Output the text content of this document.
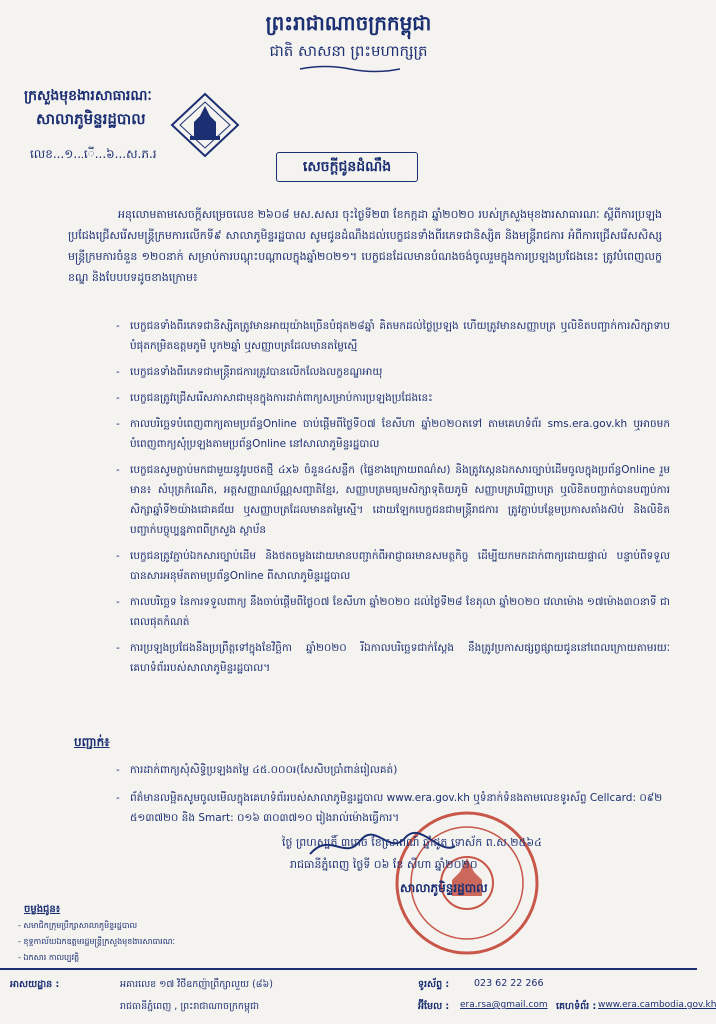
ព្រះរាជាណាចក្រកម្ពុជា
ជាតិ សាសនា ព្រះមហាក្សត្រ
ក្រសួងមុខងារសាធារណៈ
សាលាភូមិន្ទរដ្ឋបាល
លេខ...១...ើ...៦...ស.ភ.រ
សេចក្តីជូនដំណឹង
អនុលោមតាមសេចក្តីសម្រេចលេខ ២៦០៨ មស.សសរ ចុះថ្ងៃទី២៣ ខែកក្កដា ឆ្នាំ២០២០ របស់ក្រសួងមុខងារសាធារណៈ ស្តីពីការប្រឡងប្រជែងជ្រើសរើសមន្ត្រីក្រមការលើកទី៩ សាលាភូមិន្ទរដ្ឋបាល សូមជូនដំណឹងដល់បេក្ខជនទាំងពីរភេទជានិស្សិត និងមន្ត្រីរាជការ អំពីការជ្រើសរើសសិស្សមន្ត្រីក្រមការចំនួន ១២០នាក់ សម្រាប់ការបណ្តុះបណ្តាលក្នុងឆ្នាំ២០២១។ បេក្ខជនដែលមានបំណងចង់ចូលរួមក្នុងការប្រឡងប្រជែងនេះ ត្រូវបំពេញលក្ខខណ្ឌ និងបែបបទដូចខាងក្រោម៖
- បេក្ខជនទាំងពីរភេទជានិស្សិតត្រូវមានអាយុយ៉ាងច្រើនបំផុត២៨ឆ្នាំ គិតមកដល់ថ្ងៃប្រឡង ហើយត្រូវមានសញ្ញាបត្រ ឬលិខិតបញ្ជាក់ការសិក្សាទាបបំផុតកម្រិតឧត្តមភូមិ បូក២ឆ្នាំ ឬសញ្ញាបត្រដែលមានតម្លៃស្មើ
- បេក្ខជនទាំងពីរភេទជាមន្ត្រីរាជការត្រូវបានលើកលែងលក្ខខណ្ឌអាយុ
- បេក្ខជនត្រូវជ្រើសរើសភាសាជាមុនក្នុងការដាក់ពាក្យសម្រាប់ការប្រឡងប្រជែងនេះ
- កាលបរិច្ឆេទបំពេញពាក្យតាមប្រព័ន្ធOnline ចាប់ផ្តើមពីថ្ងៃទី០៧ ខែសីហា ឆ្នាំ២០២០តទៅ តាមគេហទំព័រ sms.era.gov.kh ឬអាចមកបំពេញពាក្យសុំប្រឡងតាមប្រព័ន្ធOnline នៅសាលាភូមិន្ទរដ្ឋបាល
- បេក្ខជនសូមភ្ជាប់មកជាមួយនូវរូបថតថ្មី ៤x៦ ចំនួន៤សន្លឹក (ផ្ទៃខាងក្រោយពណ៌ស) និងត្រូវស្កេនឯកសារច្បាប់ដើមចូលក្នុងប្រព័ន្ធOnline រួមមាន៖ សំបុត្រកំណើត, អត្តសញ្ញាណប័ណ្ណសញ្ជាតិខ្មែរ, សញ្ញាបត្រមធ្យមសិក្សាទុតិយភូមិ សញ្ញាបត្របរិញ្ញាបត្រ ឬលិខិតបញ្ជាក់បានបញ្ចប់ការសិក្សាឆ្នាំទី២យ៉ាងជោគជ័យ ឬសញ្ញាបត្រដែលមានតម្លៃស្មើ។ ដោយឡែកបេក្ខជនជាមន្ត្រីរាជការ ត្រូវភ្ជាប់បន្ថែមប្រកាសតាំងស៊ប់ និងលិខិតបញ្ជាក់បច្ចុប្បន្នភាពពីក្រសួង ស្ថាប័ន
- បេក្ខជនត្រូវភ្ជាប់ឯកសារច្បាប់ដើម និងថតចម្លងដោយមានបញ្ជាក់ពីអាជ្ញាធរមានសមត្ថកិច្ច ដើម្បីយកមកដាក់ពាក្យដោយផ្ទាល់ បន្ទាប់ពីទទួលបានសារអនុម័តតាមប្រព័ន្ធOnline ពីសាលាភូមិន្ទរដ្ឋបាល
- កាលបរិច្ឆេទ នៃការទទួលពាក្យ នឹងចាប់ផ្តើមពីថ្ងៃ០៧ ខែសីហា ឆ្នាំ២០២០ ដល់ថ្ងៃទី២៨ ខែតុលា ឆ្នាំ២០២០ វេលាម៉ោង ១៧ម៉ោង៣០នាទី ជាពេលផុតកំណត់
- ការប្រឡងប្រជែងនឹងប្រព្រឹត្តទៅក្នុងខែវិច្ឆិកា ឆ្នាំ២០២០ រីឯកាលបរិច្ឆេទជាក់ស្តែង នឹងត្រូវប្រកាសផ្សព្វផ្សាយជូននៅពេលក្រោយតាមរយៈគេហទំព័ររបស់សាលាភូមិន្ទរដ្ឋបាល។
បញ្ជាក់៖
- ការដាក់ពាក្យសុំសិទ្ធិប្រឡងតម្លៃ ៤៥.០០០៛(សែសិបប្រាំពាន់រៀលគត់)
- ព័ត៌មានលម្អិតសូមចូលមើលក្នុងគេហទំព័ររបស់សាលាភូមិន្ទរដ្ឋបាល www.era.gov.kh ឬទំនាក់ទំនងតាមលេខទូរស័ព្ទ Cellcard: ០៩២ ៥១៣៧២០ និង Smart: ០១៦ ៣០៣៧១០ រៀងរាល់ម៉ោងធ្វើការ។
ថ្ងៃ ព្រហស្បតិ៍ ៣រោច ខែស្រាពណ៍ ឆ្នាំជូត ទោស័ក ព.ស.២៥៦៤
រាជធានីភ្នំពេញ ថ្ងៃទី ០៦ ខែ សីហា ឆ្នាំ២០២០
សាលាភូមិន្ទរដ្ឋបាល
ចម្លងជូន៖
- សមាជិកក្រុមប្រឹក្សាសាលាភូមិន្ទរដ្ឋបាល
- ខុទ្ទកាល័យឯកឧត្តមរដ្ឋមន្ត្រីក្រសួងមុខងារសាធារណៈ
- ឯកសារ កាលប្បវត្តិ
អាសយដ្ឋាន :	អគារលេខ ១៧ វិថីឧកញ៉ាព្រឹក្សាលួយ (៨៦)
រាជធានីភ្នំពេញ , ព្រះរាជាណាចក្រកម្ពុជា
ទូរស័ព្ទ :	023 62 22 266
អ៊ីមែល : era.rsa@gmail.com គេហទំព័រ : www.era.cambodia.gov.kh
